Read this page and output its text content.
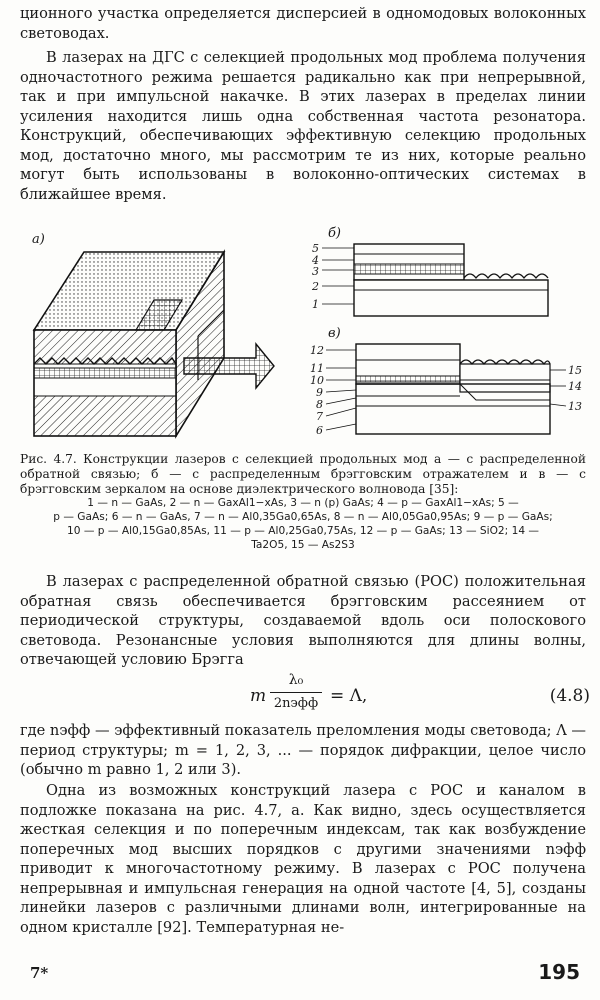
ционного участка определяется дисперсией в одномодовых волоконных световодах.

В лазерах на ДГС с селекцией продольных мод проблема получения одночастотного режима решается радикально как при непрерывной, так и при импульсной накачке. В этих лазерах в пределах линии усиления находится лишь одна собственная частота резонатора. Конструкций, обеспечивающих эффективную селекцию продольных мод, достаточно много, мы рассмотрим те из них, которые реально могут быть использованы в волоконно-оптических системах в ближайшее время.

а)	б)
в)
5
4
3
2
1
12
11
10
9
8
7
6
15
14
13

Рис. 4.7. Конструкции лазеров с селекцией продольных мод а — с распределенной обратной связью; б — с распределенным брэгговским отражателем и в — с брэгговским зеркалом на основе диэлектрического волновода [35]:

1 — n — GaAs, 2 — n — GaxAl1−xAs, 3 — n (p) GaAs; 4 — p — GaxAl1−xAs; 5 —

p — GaAs; 6 — n — GaAs, 7 — n — Al0,35Ga0,65As, 8 — n — Al0,05Ga0,95As; 9 — p — GaAs;

10 — p — Al0,15Ga0,85As, 11 — p — Al0,25Ga0,75As, 12 — p — GaAs; 13 — SiO2; 14 —

Ta2O5, 15 — As2S3

В лазерах с распределенной обратной связью (РОС) положительная обратная связь обеспечивается брэгговским рассеянием от периодической структуры, создаваемой вдоль оси полоскового световода. Резонансные условия выполняются для длины волны, отвечающей условию Брэгга

m
λ₀
2nэфф = Λ,	(4.8)

где nэфф — эффективный показатель преломления моды световода; Λ — период структуры; m = 1, 2, 3, ... — порядок дифракции, целое число (обычно m равно 1, 2 или 3).

Одна из возможных конструкций лазера с РОС и каналом в подложке показана на рис. 4.7, а. Как видно, здесь осуществляется жесткая селекция и по поперечным индексам, так как возбуждение поперечных мод высших порядков с другими значениями nэфф приводит к многочастотному режиму. В лазерах с РОС получена непрерывная и импульсная генерация на одной частоте [4, 5], созданы линейки лазеров с различными длинами волн, интегрированные на одном кристалле [92]. Температурная не-

7*	195
